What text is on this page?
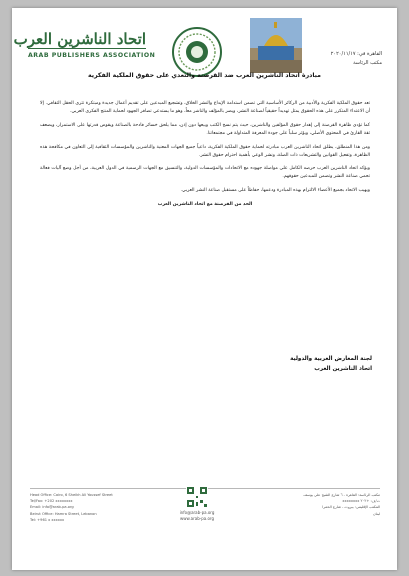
اتحاد الناشرين العرب
ARAB PUBLISHERS ASSOCIATION	القاهرة في: ٢٠٢٠/١١/١٧
مكتب الرئاسة
مبادرة اتحاد الناشرين العرب ضد القرصنة والتعدي على حقوق الملكية الفكرية

تعد حقوق الملكية الفكرية والأدبية من الركائز الأساسية التي تضمن استدامة الإبداع والنشر الخلاق، وتشجيع المبدعين على تقديم أعمال جديدة ومبتكرة تثري الحقل الثقافي. إلا أن الاعتداء المتكرر على هذه الحقوق يمثل تهديداً حقيقياً لصناعة النشر، ويضر بالمؤلف والناشر معاً، وهو ما يستدعي تضافر الجهود لحماية المنتج الفكري العربي.

كما تؤدي ظاهرة القرصنة إلى إهدار حقوق المؤلفين والناشرين، حيث يتم نسخ الكتب وبيعها دون إذن، مما يلحق خسائر فادحة بالصناعة ويقوض قدرتها على الاستمرار، ويضعف ثقة القارئ في المحتوى الأصلي، ويؤثر سلباً على جودة المعرفة المتداولة في مجتمعاتنا.

ومن هذا المنطلق، يطلق اتحاد الناشرين العرب مبادرته لحماية حقوق الملكية الفكرية، داعياً جميع الجهات المعنية والناشرين والمؤسسات الثقافية إلى التعاون في مكافحة هذه الظاهرة، وتفعيل القوانين والتشريعات ذات الصلة، ونشر الوعي بأهمية احترام حقوق النشر.

ويؤكد اتحاد الناشرين العرب حرصه الكامل على مواصلة جهوده مع الاتحادات والمؤسسات الدولية، والتنسيق مع الجهات الرسمية في الدول العربية، من أجل وضع آليات فعالة تحمي صناعة النشر وتضمن للمبدعين حقوقهم.

ويهيب الاتحاد بجميع الأعضاء الالتزام بهذه المبادرة ودعمها، حفاظاً على مستقبل صناعة النشر العربي.

الحد من القرصنة مع اتحاد الناشرين العرب

لجنة المعارض العربية والدولية
اتحاد الناشرين العرب
Head Office: Cairo, 6 Sheikh Ali Youssef Street
Tel/Fax: +202 xxxxxxxx
Email: info@arab-pa.org
Beirut Office: Hamra Street, Lebanon
Tel: +961 x xxxxxx
info@arab-pa.org
www.arab-pa.org
مكتب الرئاسة: القاهرة - ٦ شارع الشيخ علي يوسف
ت/ف: +٢٠٢ xxxxxxxx
المكتب الإقليمي: بيروت - شارع الحمرا
لبنان
